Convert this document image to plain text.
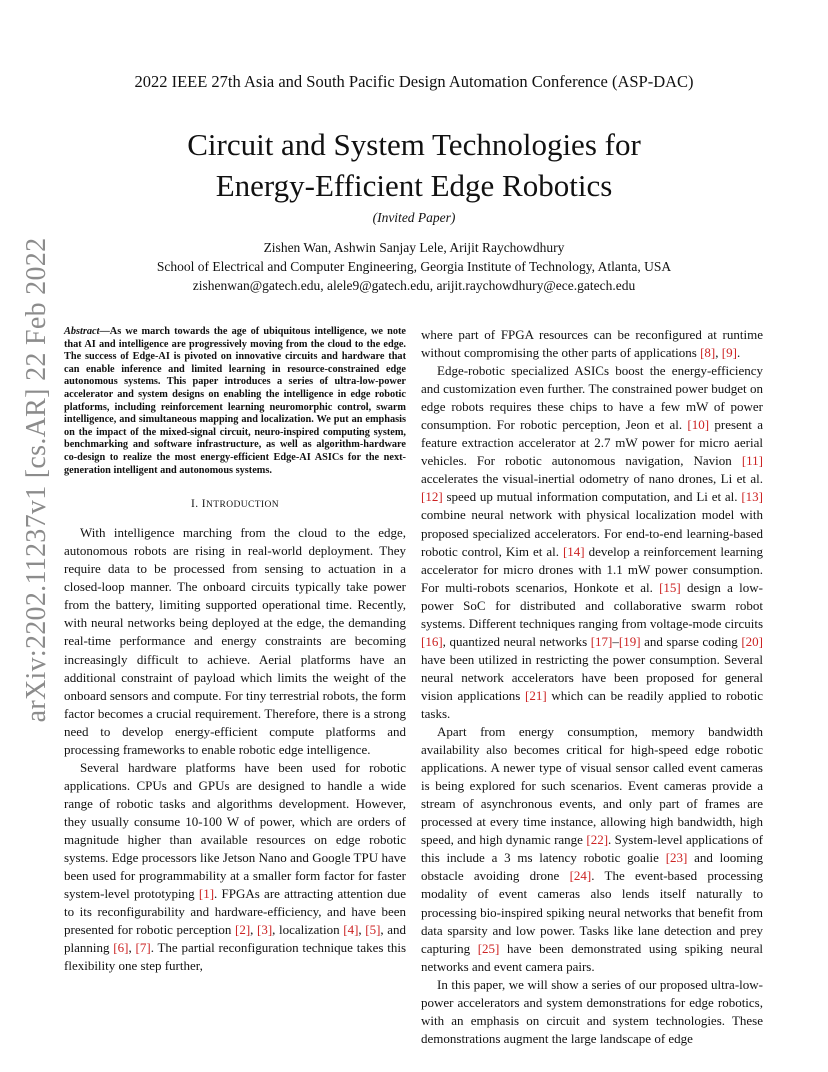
2022 IEEE 27th Asia and South Pacific Design Automation Conference (ASP-DAC)
Circuit and System Technologies for
Energy-Efficient Edge Robotics
(Invited Paper)
Zishen Wan, Ashwin Sanjay Lele, Arijit Raychowdhury
School of Electrical and Computer Engineering, Georgia Institute of Technology, Atlanta, USA
zishenwan@gatech.edu, alele9@gatech.edu, arijit.raychowdhury@ece.gatech.edu
arXiv:2202.11237v1 [cs.AR] 22 Feb 2022 Abstract—As we march towards the age of ubiquitous intelligence, we note that AI and intelligence are progressively moving from the cloud to the edge. The success of Edge-AI is pivoted on innovative circuits and hardware that can enable inference and limited learning in resource-constrained edge autonomous systems. This paper introduces a series of ultra-low-power accelerator and system designs on enabling the intelligence in edge robotic platforms, including reinforcement learning neuromorphic control, swarm intelligence, and simultaneous mapping and localization. We put an emphasis on the impact of the mixed-signal circuit, neuro-inspired computing system, benchmarking and software infrastructure, as well as algorithm-hardware co-design to realize the most energy-efficient Edge-AI ASICs for the next-generation intelligent and autonomous systems.
I. INTRODUCTION

With intelligence marching from the cloud to the edge, autonomous robots are rising in real-world deployment. They require data to be processed from sensing to actuation in a closed-loop manner. The onboard circuits typically take power from the battery, limiting supported operational time. Recently, with neural networks being deployed at the edge, the demanding real-time performance and energy constraints are becoming increasingly difficult to achieve. Aerial platforms have an additional constraint of payload which limits the weight of the onboard sensors and compute. For tiny terrestrial robots, the form factor becomes a crucial requirement. Therefore, there is a strong need to develop energy-efficient compute platforms and processing frameworks to enable robotic edge intelligence.

Several hardware platforms have been used for robotic applications. CPUs and GPUs are designed to handle a wide range of robotic tasks and algorithms development. However, they usually consume 10-100 W of power, which are orders of magnitude higher than available resources on edge robotic systems. Edge processors like Jetson Nano and Google TPU have been used for programmability at a smaller form factor for faster system-level prototyping [1]. FPGAs are attracting attention due to its reconfigurability and hardware-efficiency, and have been presented for robotic perception [2], [3], localization [4], [5], and planning [6], [7]. The partial reconfiguration technique takes this flexibility one step further,

where part of FPGA resources can be reconfigured at runtime without compromising the other parts of applications [8], [9].

Edge-robotic specialized ASICs boost the energy-efficiency and customization even further. The constrained power budget on edge robots requires these chips to have a few mW of power consumption. For robotic perception, Jeon et al. [10] present a feature extraction accelerator at 2.7 mW power for micro aerial vehicles. For robotic autonomous navigation, Navion [11] accelerates the visual-inertial odometry of nano drones, Li et al. [12] speed up mutual information computation, and Li et al. [13] combine neural network with physical localization model with proposed specialized accelerators. For end-to-end learning-based robotic control, Kim et al. [14] develop a reinforcement learning accelerator for micro drones with 1.1 mW power consumption. For multi-robots scenarios, Honkote et al. [15] design a low-power SoC for distributed and collaborative swarm robot systems. Different techniques ranging from voltage-mode circuits [16], quantized neural networks [17]–[19] and sparse coding [20] have been utilized in restricting the power consumption. Several neural network accelerators have been proposed for general vision applications [21] which can be readily applied to robotic tasks.

Apart from energy consumption, memory bandwidth availability also becomes critical for high-speed edge robotic applications. A newer type of visual sensor called event cameras is being explored for such scenarios. Event cameras provide a stream of asynchronous events, and only part of frames are processed at every time instance, allowing high bandwidth, high speed, and high dynamic range [22]. System-level applications of this include a 3 ms latency robotic goalie [23] and looming obstacle avoiding drone [24]. The event-based processing modality of event cameras also lends itself naturally to processing bio-inspired spiking neural networks that benefit from data sparsity and low power. Tasks like lane detection and prey capturing [25] have been demonstrated using spiking neural networks and event camera pairs.

In this paper, we will show a series of our proposed ultra-low-power accelerators and system demonstrations for edge robotics, with an emphasis on circuit and system technologies. These demonstrations augment the large landscape of edge
